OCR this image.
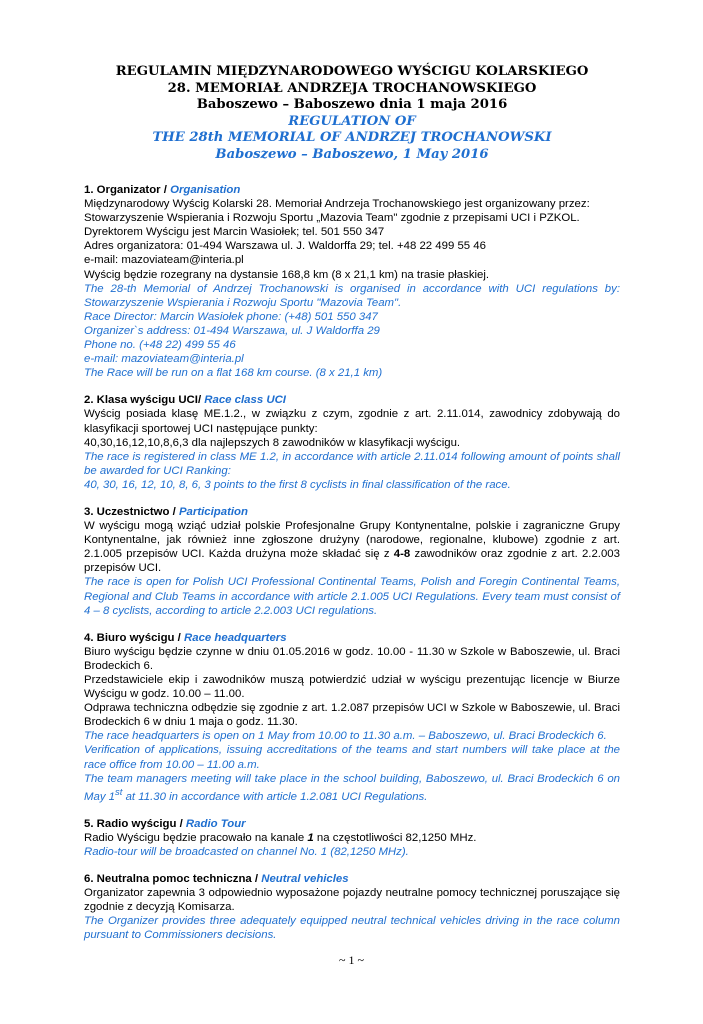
REGULAMIN MIĘDZYNARODOWEGO WYŚCIGU KOLARSKIEGO
28. MEMORIAŁ ANDRZEJA TROCHANOWSKIEGO
Baboszewo – Baboszewo dnia 1 maja 2016
REGULATION OF
THE 28th MEMORIAL OF ANDRZEJ TROCHANOWSKI
Baboszewo – Baboszewo, 1 May 2016
1. Organizator / Organisation

Międzynarodowy Wyścig Kolarski 28. Memoriał Andrzeja Trochanowskiego jest organizowany przez:

Stowarzyszenie Wspierania i Rozwoju Sportu „Mazovia Team" zgodnie z przepisami UCI i PZKOL.

Dyrektorem Wyścigu jest Marcin Wasiołek; tel. 501 550 347

Adres organizatora: 01-494 Warszawa ul. J. Waldorffa 29; tel. +48 22 499 55 46

e-mail: mazoviateam@interia.pl

Wyścig będzie rozegrany na dystansie 168,8 km (8 x 21,1 km) na trasie płaskiej.

The 28-th Memorial of Andrzej Trochanowski is organised in accordance with UCI regulations by: Stowarzyszenie Wspierania i Rozwoju Sportu "Mazovia Team".

Race Director: Marcin Wasiołek phone: (+48) 501 550 347

Organizer`s address: 01-494 Warszawa, ul. J Waldorffa 29

Phone no. (+48 22) 499 55 46

e-mail: mazoviateam@interia.pl

The Race will be run on a flat 168 km course. (8 x 21,1 km)

2. Klasa wyścigu UCI/ Race class UCI

Wyścig posiada klasę ME.1.2., w związku z czym, zgodnie z art. 2.11.014, zawodnicy zdobywają do klasyfikacji sportowej UCI następujące punkty:

40,30,16,12,10,8,6,3 dla najlepszych 8 zawodników w klasyfikacji wyścigu.

The race is registered in class ME 1.2, in accordance with article 2.11.014 following amount of points shall be awarded for UCI Ranking:

40, 30, 16, 12, 10, 8, 6, 3 points to the first 8 cyclists in final classification of the race.

3. Uczestnictwo / Participation

W wyścigu mogą wziąć udział polskie Profesjonalne Grupy Kontynentalne, polskie i zagraniczne Grupy Kontynentalne, jak również inne zgłoszone drużyny (narodowe, regionalne, klubowe) zgodnie z art. 2.1.005 przepisów UCI. Każda drużyna może składać się z 4-8 zawodników oraz zgodnie z art. 2.2.003 przepisów UCI.

The race is open for Polish UCI Professional Continental Teams, Polish and Foregin Continental Teams, Regional and Club Teams in accordance with article 2.1.005 UCI Regulations. Every team must consist of 4 – 8 cyclists, according to article 2.2.003 UCI regulations.

4. Biuro wyścigu / Race headquarters

Biuro wyścigu będzie czynne w dniu 01.05.2016 w godz. 10.00 - 11.30 w Szkole w Baboszewie, ul. Braci Brodeckich 6.

Przedstawiciele ekip i zawodników muszą potwierdzić udział w wyścigu prezentując licencje w Biurze Wyścigu w godz. 10.00 – 11.00.

Odprawa techniczna odbędzie się zgodnie z art. 1.2.087 przepisów UCI w Szkole w Baboszewie, ul. Braci Brodeckich 6 w dniu 1 maja o godz. 11.30.

The race headquarters is open on 1 May from 10.00 to 11.30 a.m. – Baboszewo, ul. Braci Brodeckich 6.

Verification of applications, issuing accreditations of the teams and start numbers will take place at the race office from 10.00 – 11.00 a.m.

The team managers meeting will take place in the school building, Baboszewo, ul. Braci Brodeckich 6 on May 1st at 11.30 in accordance with article 1.2.081 UCI Regulations.

5. Radio wyścigu / Radio Tour

Radio Wyścigu będzie pracowało na kanale 1 na częstotliwości 82,1250 MHz.

Radio-tour will be broadcasted on channel No. 1 (82,1250 MHz).

6. Neutralna pomoc techniczna / Neutral vehicles

Organizator zapewnia 3 odpowiednio wyposażone pojazdy neutralne pomocy technicznej poruszające się zgodnie z decyzją Komisarza.

The Organizer provides three adequately equipped neutral technical vehicles driving in the race column pursuant to Commissioners decisions.

~ 1 ~
